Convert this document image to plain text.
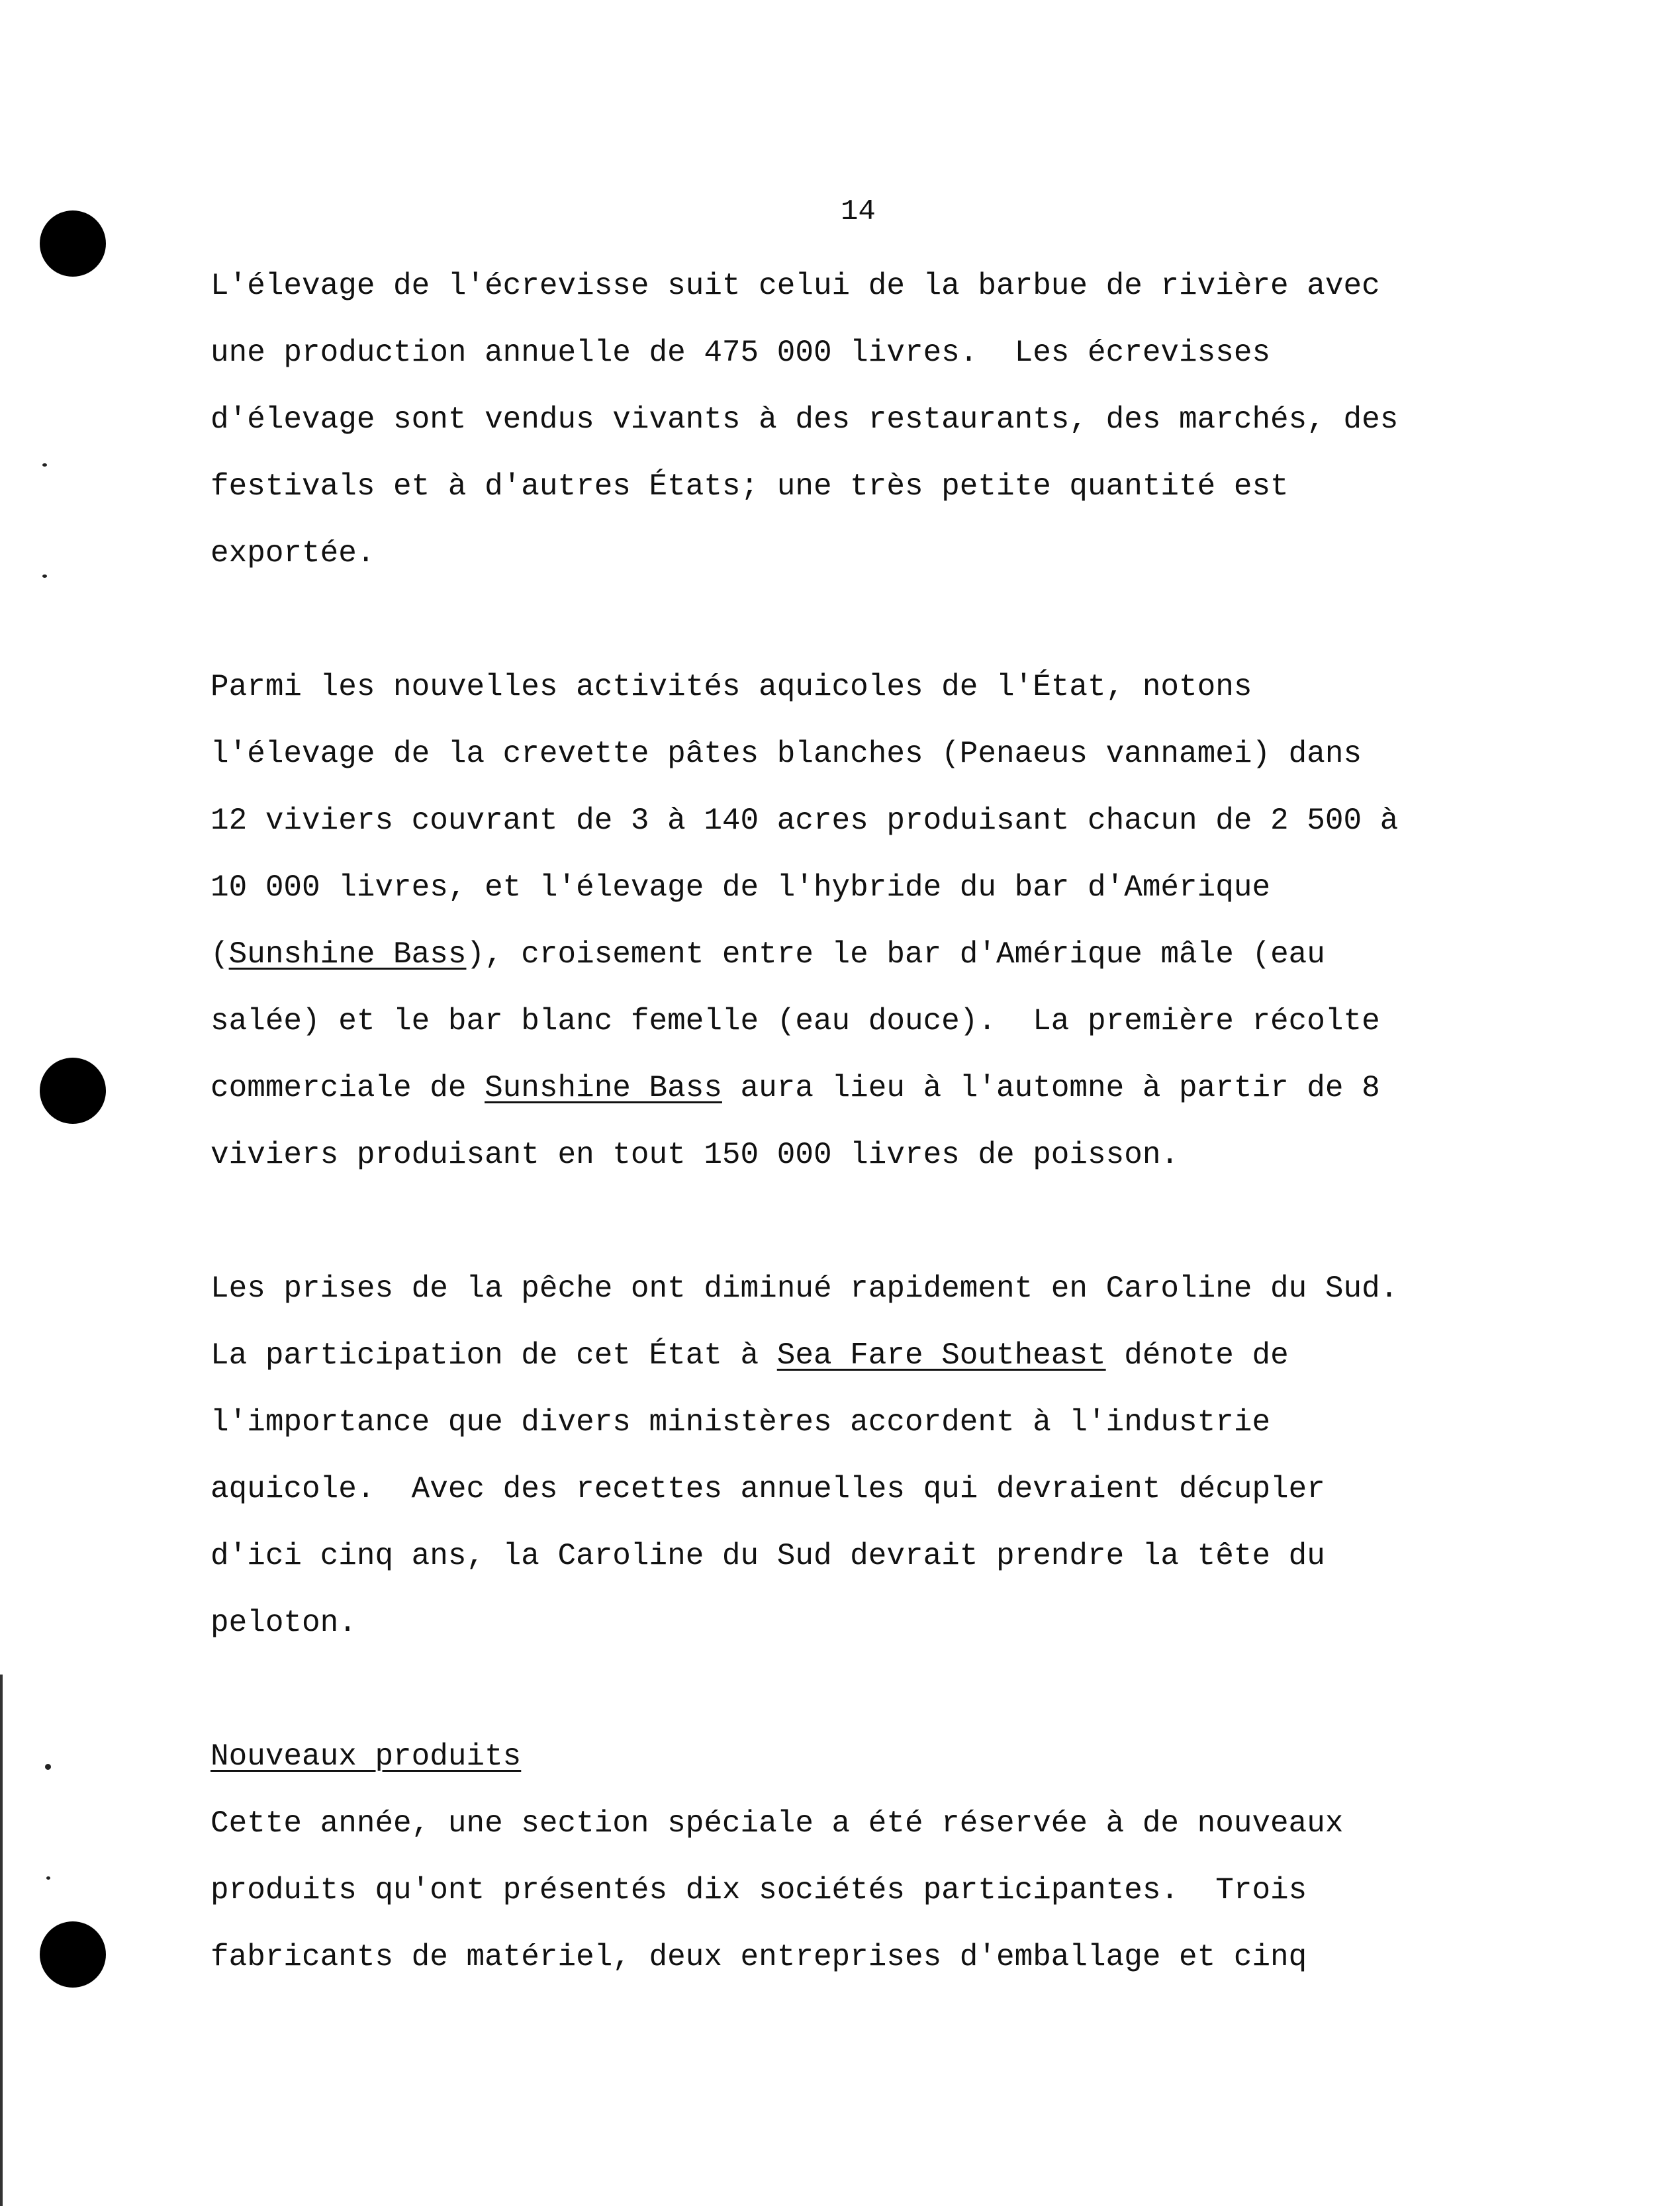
14
L'élevage de l'écrevisse suit celui de la barbue de rivière avec
une production annuelle de 475 000 livres.  Les écrevisses
d'élevage sont vendus vivants à des restaurants, des marchés, des
festivals et à d'autres États; une très petite quantité est
exportée.
Parmi les nouvelles activités aquicoles de l'État, notons
l'élevage de la crevette pâtes blanches (Penaeus vannamei) dans
12 viviers couvrant de 3 à 140 acres produisant chacun de 2 500 à
10 000 livres, et l'élevage de l'hybride du bar d'Amérique
(Sunshine Bass), croisement entre le bar d'Amérique mâle (eau
salée) et le bar blanc femelle (eau douce).  La première récolte
commerciale de Sunshine Bass aura lieu à l'automne à partir de 8
viviers produisant en tout 150 000 livres de poisson.
Les prises de la pêche ont diminué rapidement en Caroline du Sud.
La participation de cet État à Sea Fare Southeast dénote de
l'importance que divers ministères accordent à l'industrie
aquicole.  Avec des recettes annuelles qui devraient décupler
d'ici cinq ans, la Caroline du Sud devrait prendre la tête du
peloton.
Nouveaux produits
Cette année, une section spéciale a été réservée à de nouveaux
produits qu'ont présentés dix sociétés participantes.  Trois
fabricants de matériel, deux entreprises d'emballage et cinq
